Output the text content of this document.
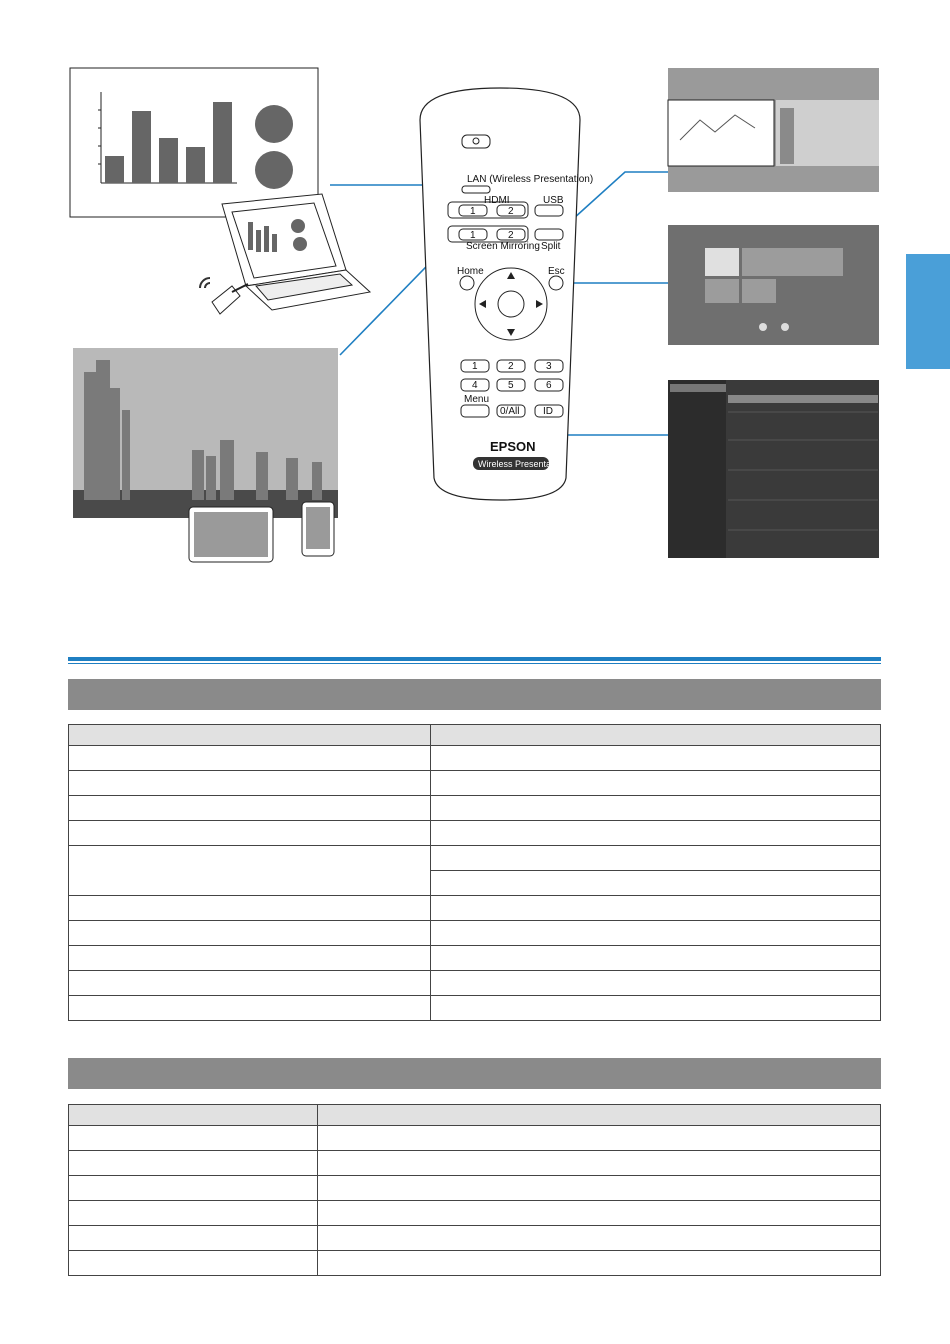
LAN (Wireless Presentation)
HDMI	USB
1	2
1	2
Screen Mirroring Split
Home	Esc
1	2	3
4	5	6
Menu
0/All ID
EPSON
Wireless Presentation
